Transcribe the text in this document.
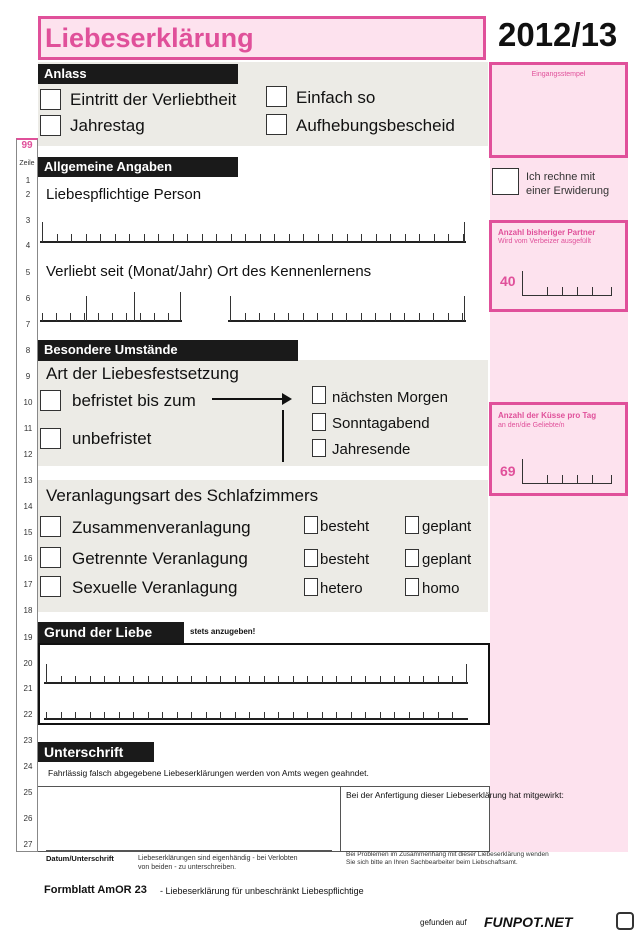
Liebeserklärung	2012/13
Eingangsstempel
Ich rechne mit
einer Erwiderung
Anzahl bisheriger Partner
Wird vom Verbeizer ausgefüllt
40
Anzahl der Küsse pro Tag
an den/die Geliebte/n
69
99
Zeile
1
2
3
4
5
6
7
8
9
10
11
12
13
14
15
16
17
18
19
20
21
22
23
24
25
26
27
Anlass
Eintritt der Verliebtheit	Einfach so
Jahrestag	Aufhebungsbescheid
Allgemeine Angaben
Liebespflichtige Person
Verliebt seit (Monat/Jahr) Ort des Kennenlernens
Besondere Umstände
Art der Liebesfestsetzung
befristet bis zum
unbefristet
nächsten Morgen
Sonntagabend
Jahresende
Veranlagungsart des Schlafzimmers
Zusammenveranlagung	besteht	geplant
Getrennte Veranlagung	besteht	geplant
Sexuelle Veranlagung	hetero	homo
Grund der Liebe	stets anzugeben!
Unterschrift
Fahrlässig falsch abgegebene Liebeserklärungen werden von Amts wegen geahndet.
Bei der Anfertigung dieser Liebeserklärung hat mitgewirkt:
Datum/Unterschrift	Liebeserklärungen sind eigenhändig - bei Verlobten
von beiden - zu unterschreiben.
Bei Problemen im Zusammenhang mit dieser Liebeserklärung wenden
Sie sich bitte an Ihren Sachbearbeiter beim Liebschaftsamt.
Formblatt AmOR 23 - Liebeserklärung für unbeschränkt Liebespflichtige
gefunden auf FUNPOT.NET
